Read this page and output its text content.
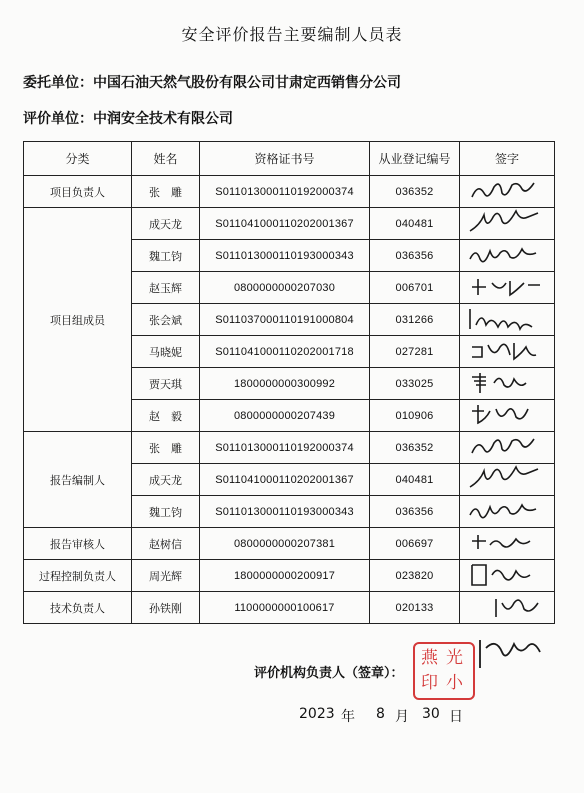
安全评价报告主要编制人员表
委托单位：中国石油天然气股份有限公司甘肃定西销售分公司
评价单位：中润安全技术有限公司
分类	姓名	资格证书号	从业登记编号	签字
项目负责人	张　雕	S011013000110192000374	036352	

项目组成员	成天龙	S011041000110202001367	040481	

	魏工钧	S011013000110193000343	036356	

	赵玉辉	0800000000207030	006701	

	张会斌	S011037000110191000804	031266	

	马晓妮	S011041000110202001718	027281	

	贾天琪	1800000000300992	033025	

	赵　毅	0800000000207439	010906	

报告编制人	张　雕	S011013000110192000374	036352	

	成天龙	S011041000110202001367	040481	

	魏工钧	S011013000110193000343	036356	

报告审核人	赵树信	0800000000207381	006697	

过程控制负责人	周光辉	1800000000200917	023820	

技术负责人	孙铁刚	1100000000100617	020133	
评价机构负责人（签章）：
燕 光
印 小
2023 年 8 月 30 日
